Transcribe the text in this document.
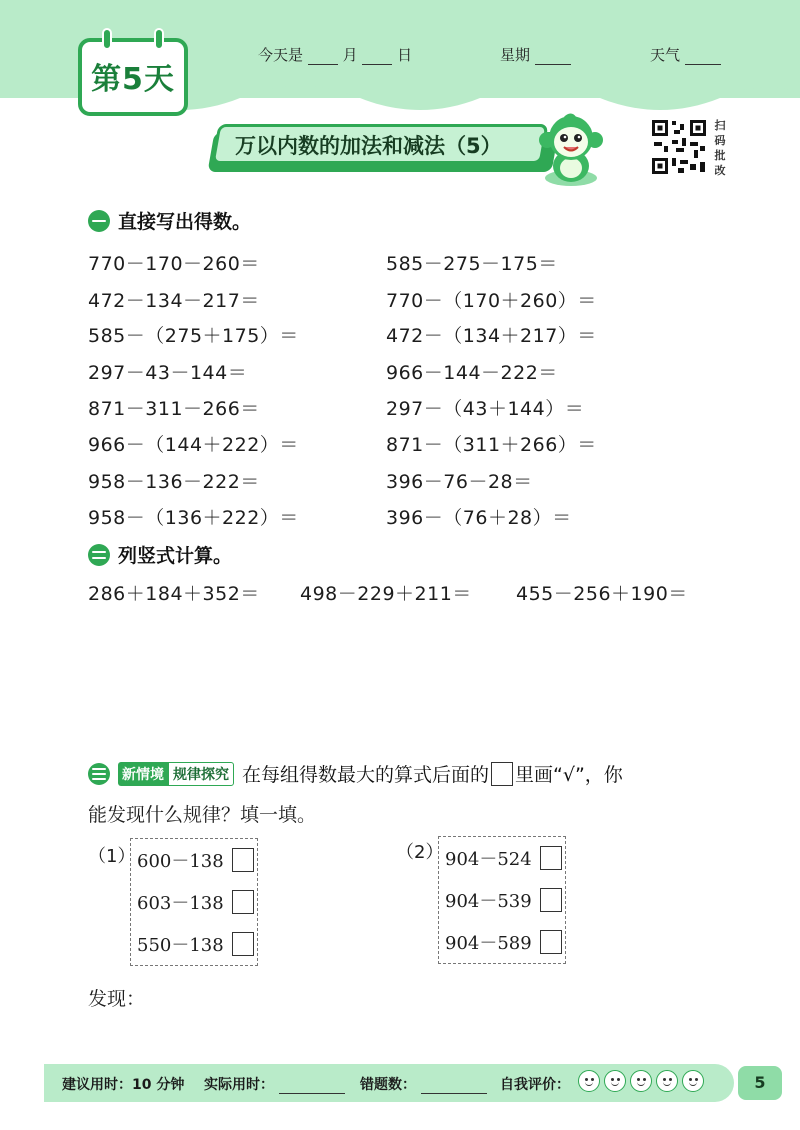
第5天
今天是	月	日	星期	天气
万以内数的加法和减法（5）
扫码批改
直接写出得数。
770－170－260＝
472－134－217＝
585－（275＋175）＝
297－43－144＝
871－311－266＝
966－（144＋222）＝
958－136－222＝
958－（136＋222）＝
585－275－175＝
770－（170＋260）＝
472－（134＋217）＝
966－144－222＝
297－（43＋144）＝
871－（311＋266）＝
396－76－28＝
396－（76＋28）＝
列竖式计算。
286＋184＋352＝ 498－229＋211＝ 455－256＋190＝
新情境 规律探究 在每组得数最大的算式后面的 里画“√”，你
能发现什么规律？填一填。
（1） 600－138
603－138
550－138
（2） 904－524
904－539
904－589
发现：
建议用时：10 分钟 实际用时：	错题数：	自我评价：	5
